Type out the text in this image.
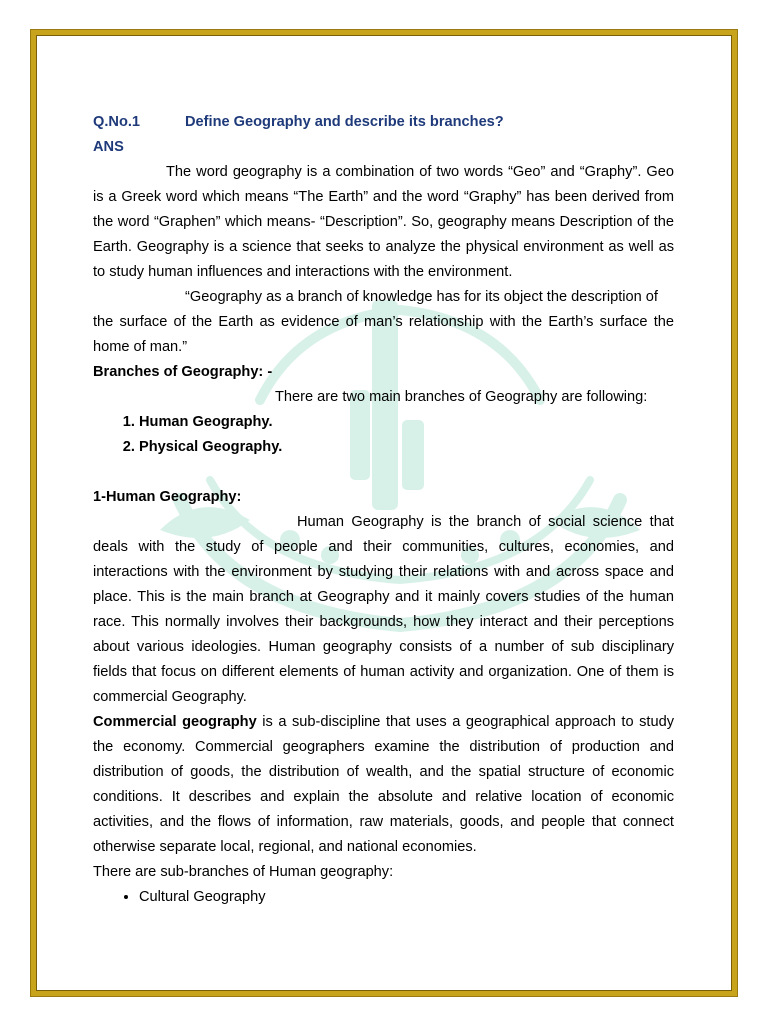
Q.No.1	Define Geography and describe its branches?
ANS
The word geography is a combination of two words “Geo” and “Graphy”. Geo is a Greek word which means “The Earth” and the word “Graphy” has been derived from the word “Graphen” which means- “Description”. So, geography means Description of the Earth. Geography is a science that seeks to analyze the physical environment as well as to study human influences and interactions with the environment.
“Geography as a branch of knowledge has for its object the description of
the surface of the Earth as evidence of man’s relationship with the Earth’s surface the home of man.”
Branches of Geography: -
There are two main branches of Geography are following:
1. Human Geography.
2. Physical Geography.
1-Human Geography:
Human Geography is the branch of social science that deals with the study of people and their communities, cultures, economies, and interactions with the environment by studying their relations with and across space and place. This is the main branch at Geography and it mainly covers studies of the human race. This normally involves their backgrounds, how they interact and their perceptions about various ideologies. Human geography consists of a number of sub disciplinary fields that focus on different elements of human activity and organization. One of them is commercial Geography.
Commercial geography is a sub-discipline that uses a geographical approach to study the economy. Commercial geographers examine the distribution of production and distribution of goods, the distribution of wealth, and the spatial structure of economic conditions. It describes and explain the absolute and relative location of economic activities, and the flows of information, raw materials, goods, and people that connect otherwise separate local, regional, and national economies.
There are sub-branches of Human geography:
• Cultural Geography
